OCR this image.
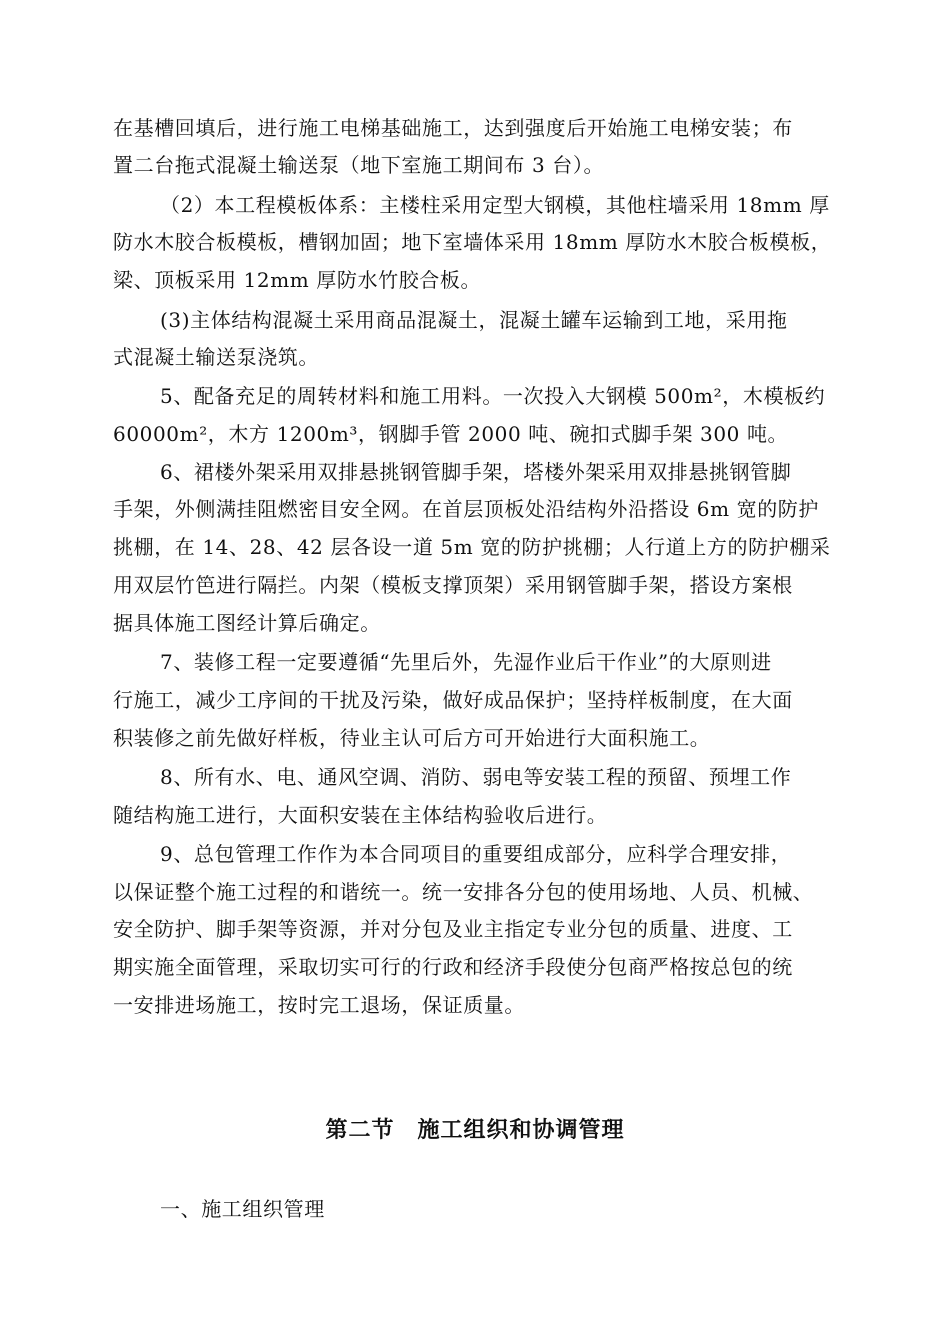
在基槽回填后，进行施工电梯基础施工，达到强度后开始施工电梯安装；布
置二台拖式混凝土输送泵（地下室施工期间布 3 台）。
（2）本工程模板体系：主楼柱采用定型大钢模，其他柱墙采用 18mm 厚
防水木胶合板模板，槽钢加固；地下室墙体采用 18mm 厚防水木胶合板模板，
梁、顶板采用 12mm 厚防水竹胶合板。
(3)主体结构混凝土采用商品混凝土，混凝土罐车运输到工地，采用拖
式混凝土输送泵浇筑。
5、配备充足的周转材料和施工用料。一次投入大钢模 500m²，木模板约
60000m²，木方 1200m³，钢脚手管 2000 吨、碗扣式脚手架 300 吨。
6、裙楼外架采用双排悬挑钢管脚手架，塔楼外架采用双排悬挑钢管脚
手架，外侧满挂阻燃密目安全网。在首层顶板处沿结构外沿搭设 6m 宽的防护
挑棚，在 14、28、42 层各设一道 5m 宽的防护挑棚；人行道上方的防护棚采
用双层竹笆进行隔拦。内架（模板支撑顶架）采用钢管脚手架，搭设方案根
据具体施工图经计算后确定。
7、装修工程一定要遵循“先里后外，先湿作业后干作业”的大原则进
行施工，减少工序间的干扰及污染，做好成品保护；坚持样板制度，在大面
积装修之前先做好样板，待业主认可后方可开始进行大面积施工。
8、所有水、电、通风空调、消防、弱电等安装工程的预留、预埋工作
随结构施工进行，大面积安装在主体结构验收后进行。
9、总包管理工作作为本合同项目的重要组成部分，应科学合理安排，
以保证整个施工过程的和谐统一。统一安排各分包的使用场地、人员、机械、
安全防护、脚手架等资源，并对分包及业主指定专业分包的质量、进度、工
期实施全面管理，采取切实可行的行政和经济手段使分包商严格按总包的统
一安排进场施工，按时完工退场，保证质量。
第二节　施工组织和协调管理
一、施工组织管理
